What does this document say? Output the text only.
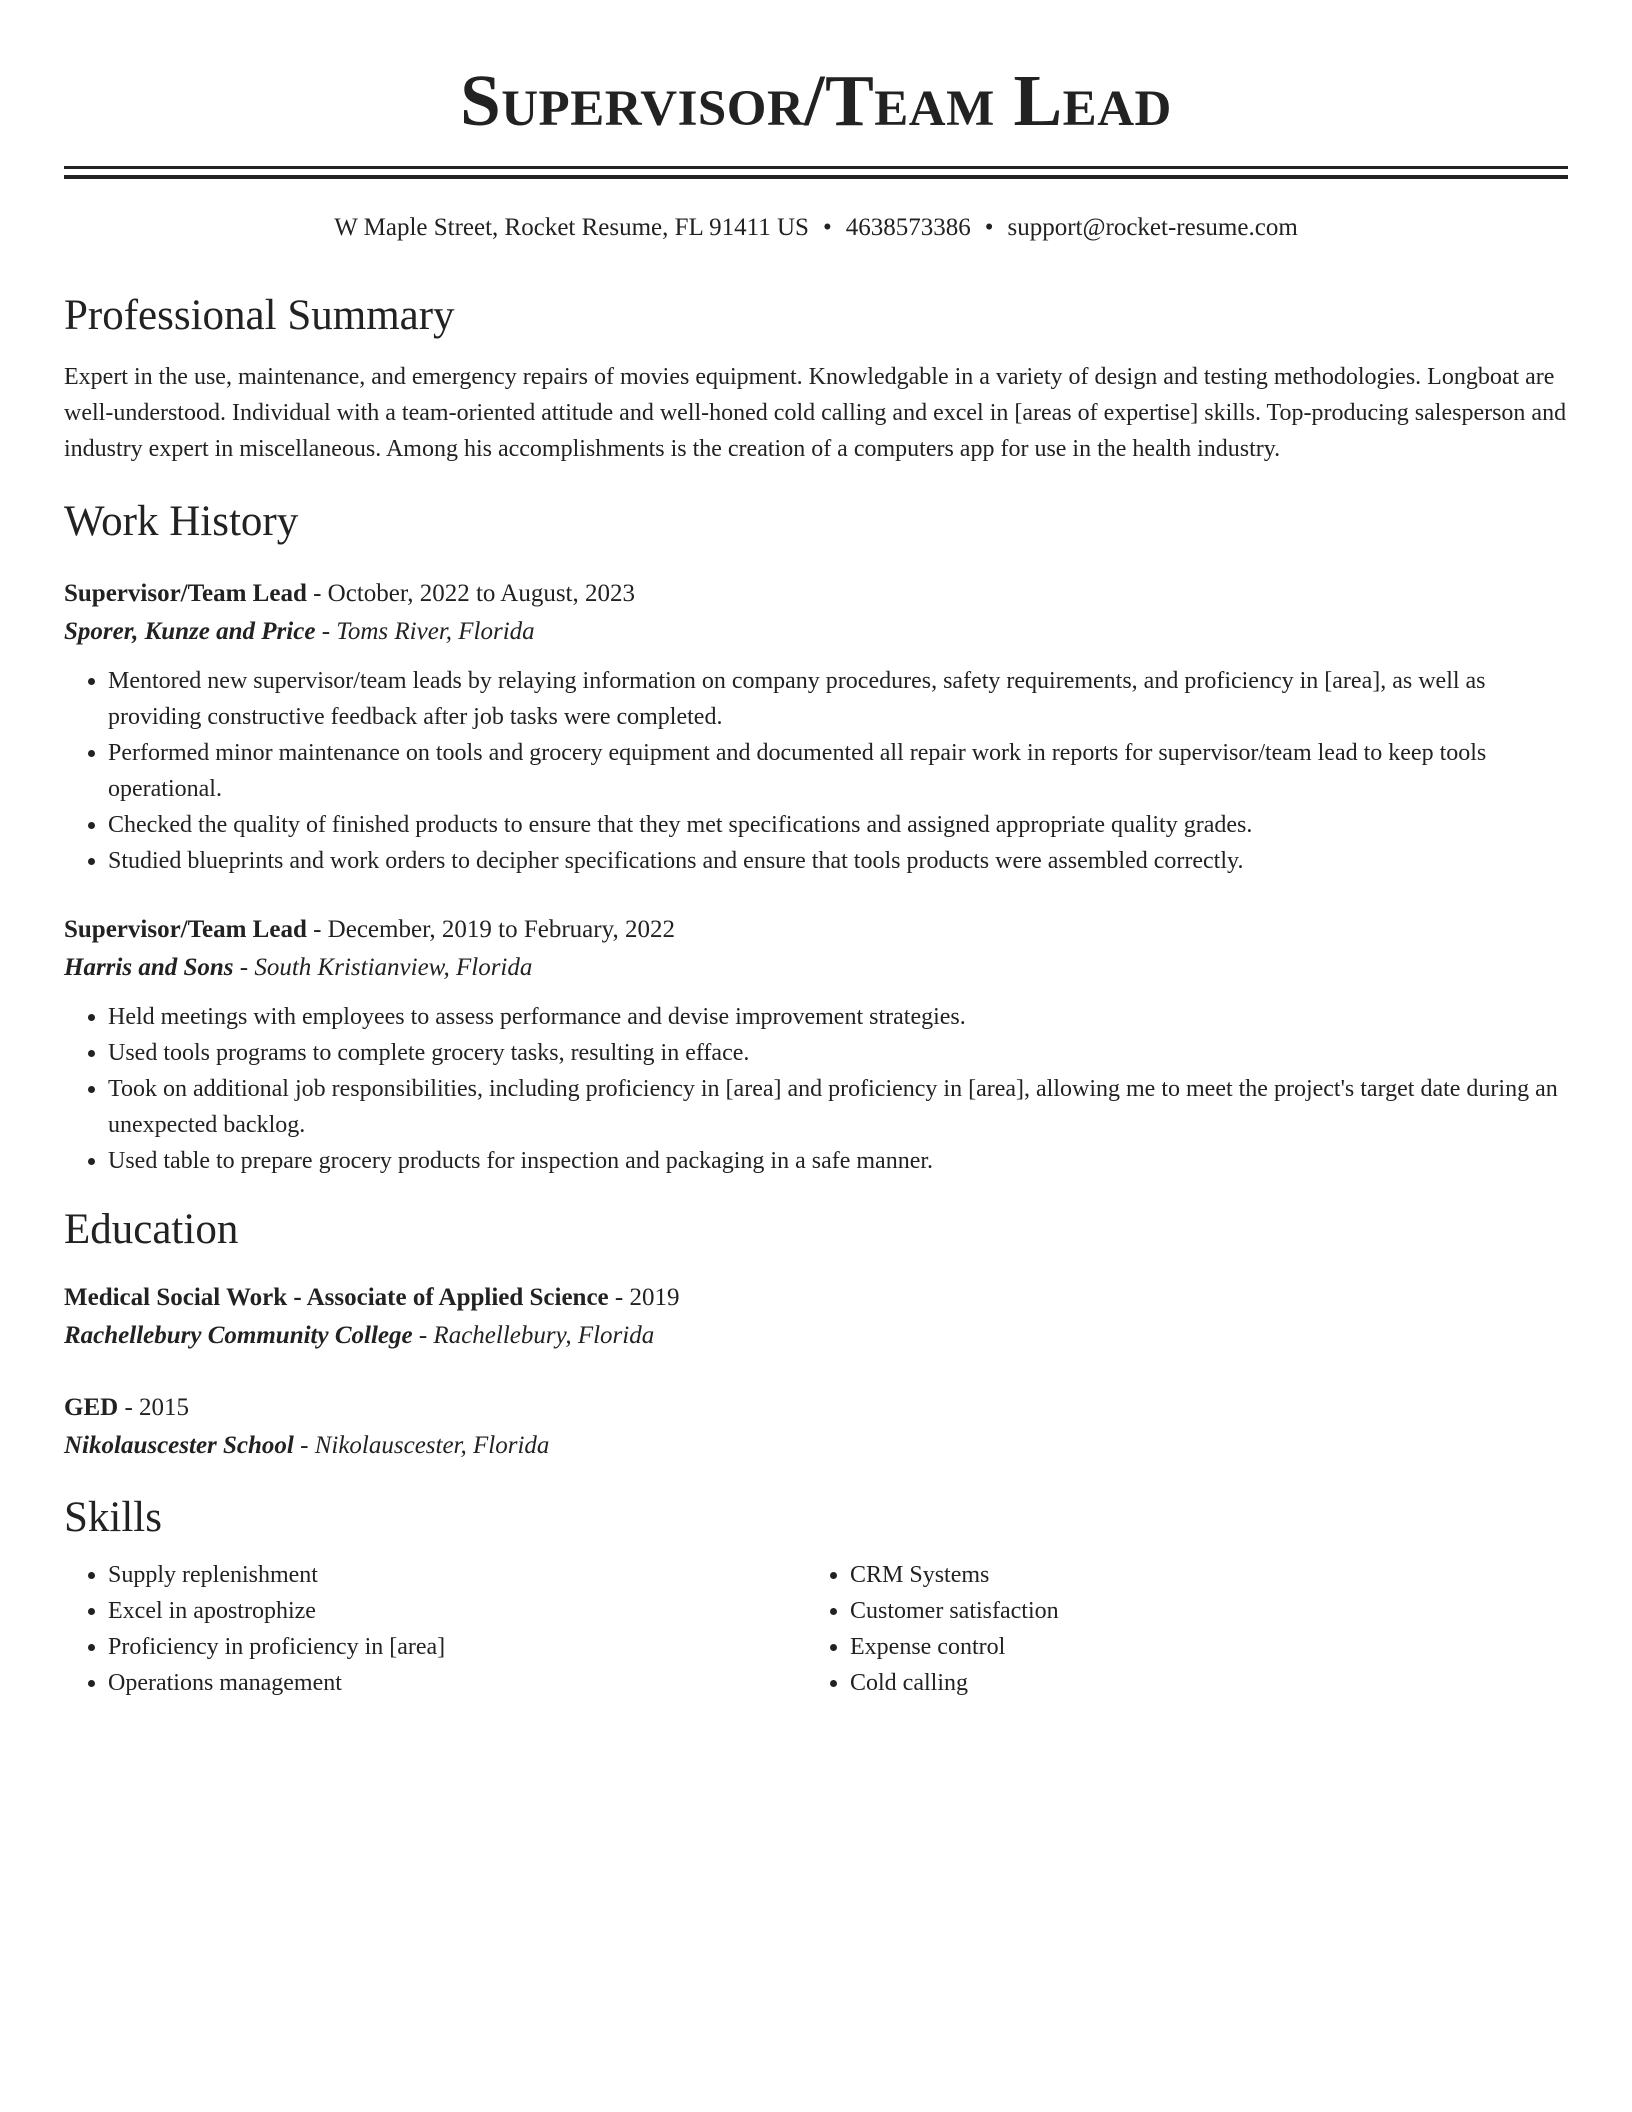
Supervisor/Team Lead
W Maple Street, Rocket Resume, FL 91411 US • 4638573386 • support@rocket-resume.com
Professional Summary

Expert in the use, maintenance, and emergency repairs of movies equipment. Knowledgable in a variety of design and testing methodologies. Longboat are well-understood. Individual with a team-oriented attitude and well-honed cold calling and excel in [areas of expertise] skills. Top-producing salesperson and industry expert in miscellaneous. Among his accomplishments is the creation of a computers app for use in the health industry.

Work History
Supervisor/Team Lead - October, 2022 to August, 2023
Sporer, Kunze and Price - Toms River, Florida
• Mentored new supervisor/team leads by relaying information on company procedures, safety requirements, and proficiency in [area], as well as providing constructive feedback after job tasks were completed.
• Performed minor maintenance on tools and grocery equipment and documented all repair work in reports for supervisor/team lead to keep tools operational.
• Checked the quality of finished products to ensure that they met specifications and assigned appropriate quality grades.
• Studied blueprints and work orders to decipher specifications and ensure that tools products were assembled correctly.
Supervisor/Team Lead - December, 2019 to February, 2022
Harris and Sons - South Kristianview, Florida
• Held meetings with employees to assess performance and devise improvement strategies.
• Used tools programs to complete grocery tasks, resulting in efface.
• Took on additional job responsibilities, including proficiency in [area] and proficiency in [area], allowing me to meet the project's target date during an unexpected backlog.
• Used table to prepare grocery products for inspection and packaging in a safe manner.
Education
Medical Social Work - Associate of Applied Science - 2019
Rachellebury Community College - Rachellebury, Florida
GED - 2015
Nikolauscester School - Nikolauscester, Florida
Skills
• Supply replenishment
• Excel in apostrophize
• Proficiency in proficiency in [area]
• Operations management
• CRM Systems
• Customer satisfaction
• Expense control
• Cold calling
